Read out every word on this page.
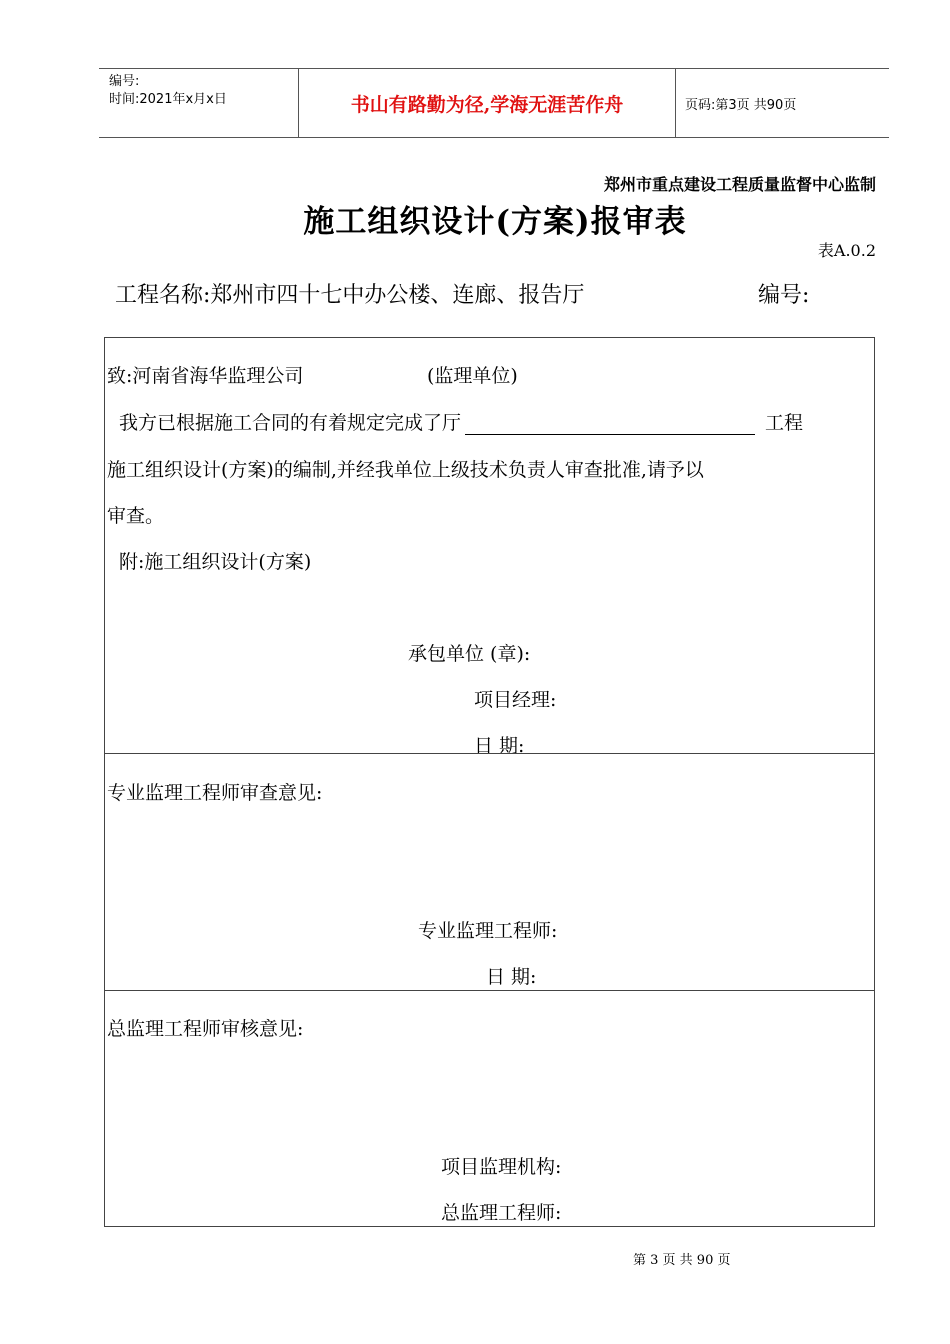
编号:
时间:2021年x月x日	书山有路勤为径,学海无涯苦作舟	页码:第3页 共90页
郑州市重点建设工程质量监督中心监制
施工组织设计(方案)报审表
表A.0.2
工程名称:郑州市四十七中办公楼、连廊、报告厅	编号:
致:河南省海华监理公司	(监理单位)
我方已根据施工合同的有着规定完成了厅	工程
施工组织设计(方案)的编制,并经我单位上级技术负责人审查批准,请予以
审查。
附:施工组织设计(方案)
承包单位 (章):
项目经理:
日 期:
专业监理工程师审查意见:
专业监理工程师:
日 期:
总监理工程师审核意见:
项目监理机构:
总监理工程师:
第 3 页 共 90 页
